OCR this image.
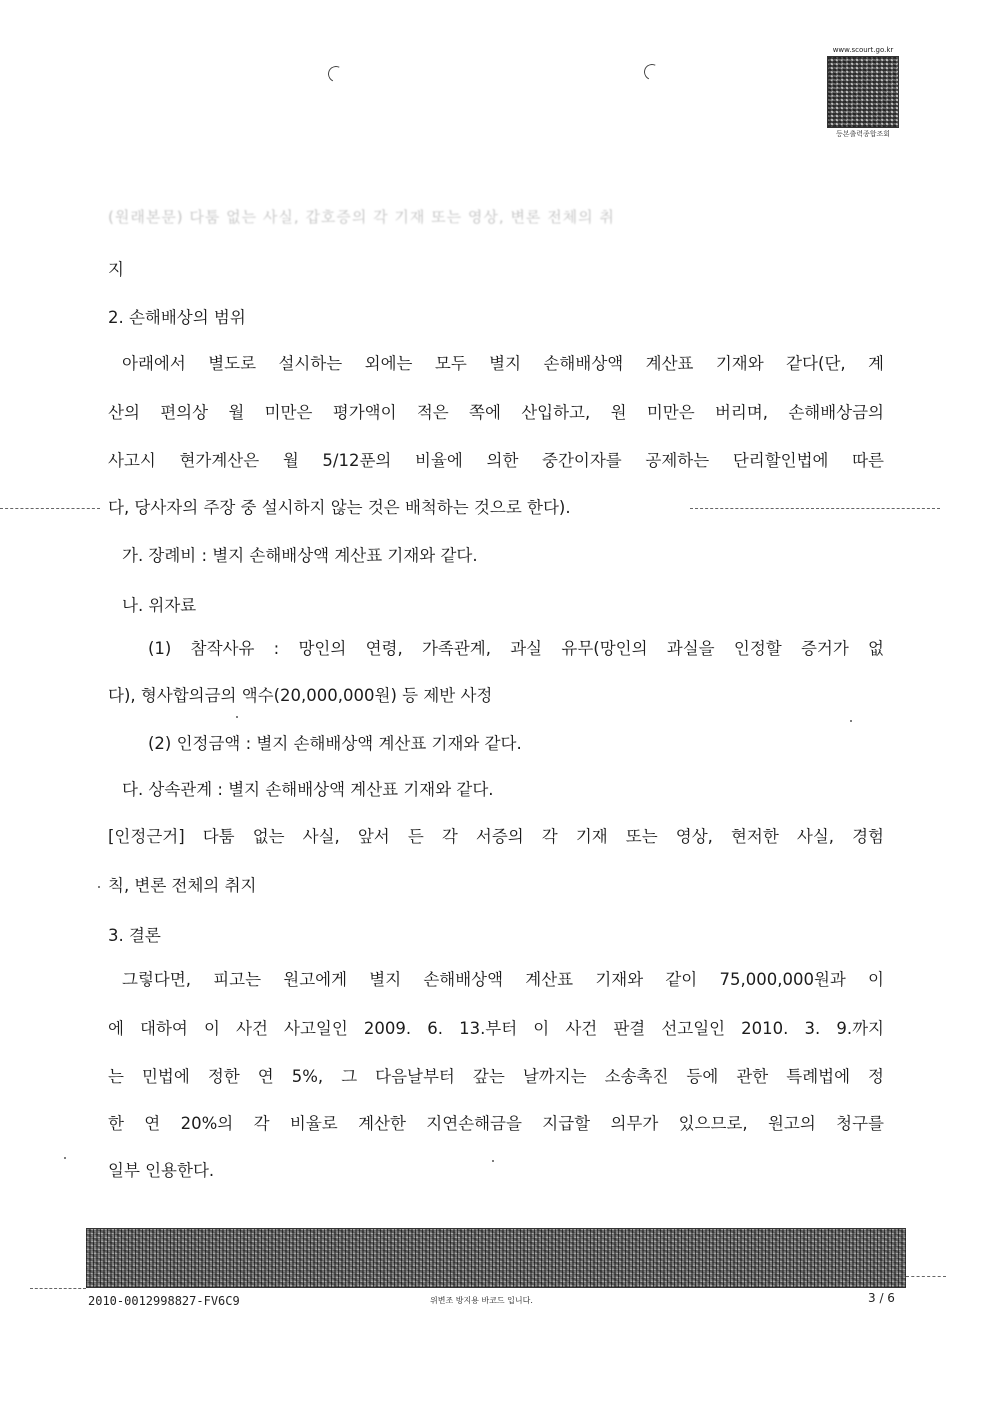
www.scourt.go.kr
등본출력종합조회
(원래본문) 다툼 없는 사실, 갑호증의 각 기재 또는 영상, 변론 전체의 취
지
2. 손해배상의 범위
아래에서 별도로 설시하는 외에는 모두 별지 손해배상액 계산표 기재와 같다(단, 계
산의 편의상 월 미만은 평가액이 적은 쪽에 산입하고, 원 미만은 버리며, 손해배상금의
사고시 현가계산은 월 5/12푼의 비율에 의한 중간이자를 공제하는 단리할인법에 따른
다, 당사자의 주장 중 설시하지 않는 것은 배척하는 것으로 한다).
가. 장례비 : 별지 손해배상액 계산표 기재와 같다.
나. 위자료
(1) 참작사유 : 망인의 연령, 가족관계, 과실 유무(망인의 과실을 인정할 증거가 없
다), 형사합의금의 액수(20,000,000원) 등 제반 사정
(2) 인정금액 : 별지 손해배상액 계산표 기재와 같다.
다. 상속관계 : 별지 손해배상액 계산표 기재와 같다.
[인정근거] 다툼 없는 사실, 앞서 든 각 서증의 각 기재 또는 영상, 현저한 사실, 경험
칙, 변론 전체의 취지
3. 결론
그렇다면, 피고는 원고에게 별지 손해배상액 계산표 기재와 같이 75,000,000원과 이
에 대하여 이 사건 사고일인 2009. 6. 13.부터 이 사건 판결 선고일인 2010. 3. 9.까지
는 민법에 정한 연 5%, 그 다음날부터 갚는 날까지는 소송촉진 등에 관한 특례법에 정
한 연 20%의 각 비율로 계산한 지연손해금을 지급할 의무가 있으므로, 원고의 청구를
일부 인용한다.
2010-0012998827-FV6C9	위변조 방지용 바코드 입니다.	3 / 6
